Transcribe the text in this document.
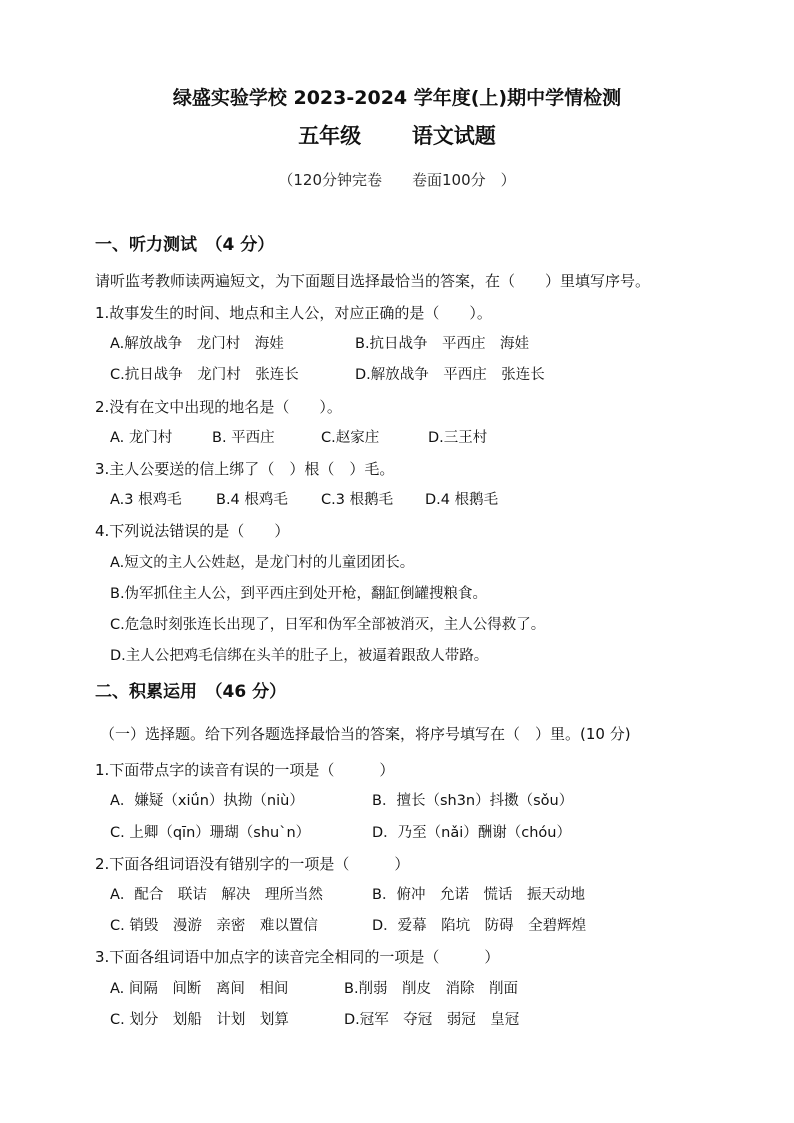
绿盛实验学校 2023-2024 学年度(上)期中学情检测
五年级 语文试题
（120分钟完卷　　卷面100分　）
一、听力测试　（4 分）
请听监考教师读两遍短文，为下面题目选择最恰当的答案，在（　　）里填写序号。
1.故事发生的时间、地点和主人公，对应正确的是（　　）。
A.解放战争　龙门村　海娃	B.抗日战争　平西庄　海娃
C.抗日战争　龙门村　张连长	D.解放战争　平西庄　张连长
2.没有在文中出现的地名是（　　）。
A. 龙门村	B. 平西庄	C.赵家庄	D.三王村
3.主人公要送的信上绑了（　）根（　）毛。
A.3 根鸡毛 B.4 根鸡毛 C.3 根鹅毛 D.4 根鹅毛
4.下列说法错误的是（　　）
A.短文的主人公姓赵，是龙门村的儿童团团长。
B.伪军抓住主人公，到平西庄到处开枪，翻缸倒罐搜粮食。
C.危急时刻张连长出现了，日军和伪军全部被消灭，主人公得救了。
D.主人公把鸡毛信绑在头羊的肚子上，被逼着跟敌人带路。
二、积累运用　（46 分）
（一）选择题。给下列各题选择最恰当的答案，将序号填写在（　）里。(10 分)
1.下面带点字的读音有误的一项是（　　　）
A．嫌疑（xiǘn）执拗（niù）	B．擅长（sh3n）抖擞（sǒu）
C. 上卿（qīn）珊瑚（shu`n）	D．乃至（nǎi）酬谢（chóu）
2.下面各组词语没有错别字的一项是（　　　）
A．配合　联诘　解决　理所当然	B．俯冲　允诺　慌话　振天动地
C. 销毁　漫游　亲密　难以置信	D．爱幕　陷坑　防碍　全碧辉煌
3.下面各组词语中加点字的读音完全相同的一项是（　　　）
A. 间隔　间断　离间　相间	B.削弱　削皮　消除　削面
C. 划分　划船　计划　划算	D.冠军　夺冠　弱冠　皇冠
